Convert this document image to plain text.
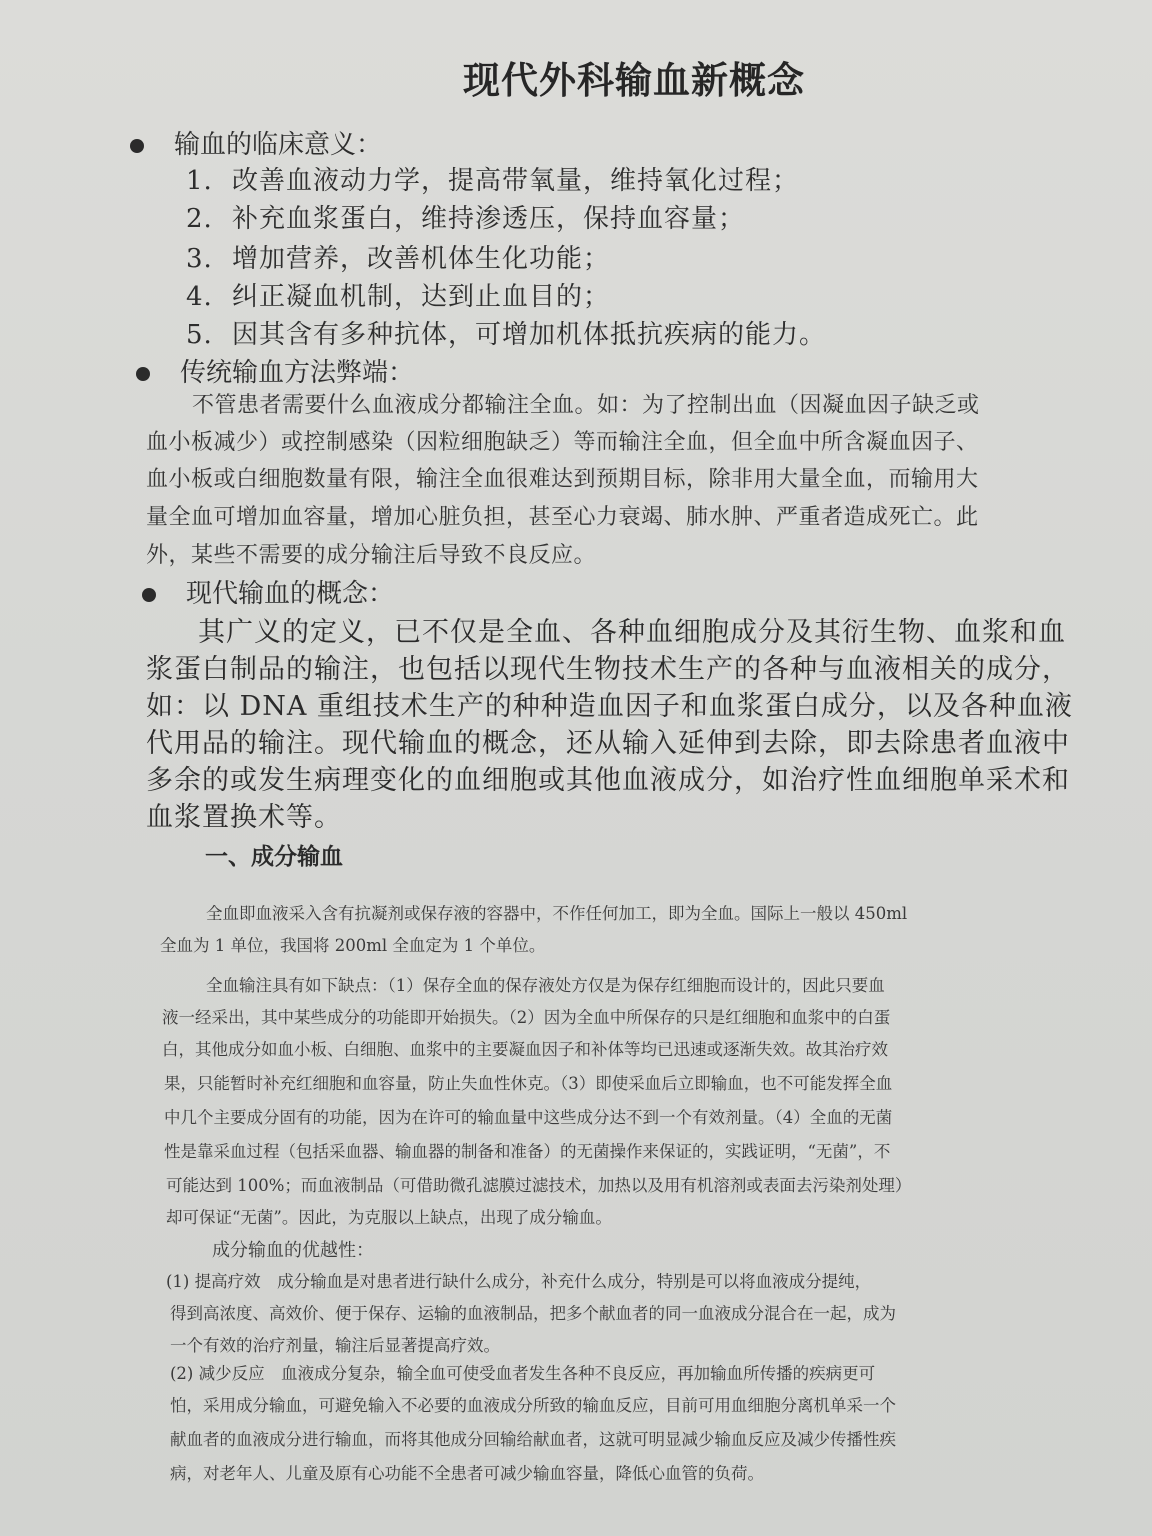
现代外科输血新概念
输血的临床意义：
1. 改善血液动力学，提高带氧量，维持氧化过程；
2. 补充血浆蛋白，维持渗透压，保持血容量；
3. 增加营养，改善机体生化功能；
4. 纠正凝血机制，达到止血目的；
5. 因其含有多种抗体，可增加机体抵抗疾病的能力。
传统输血方法弊端：
不管患者需要什么血液成分都输注全血。如：为了控制出血（因凝血因子缺乏或
血小板减少）或控制感染（因粒细胞缺乏）等而输注全血，但全血中所含凝血因子、
血小板或白细胞数量有限，输注全血很难达到预期目标，除非用大量全血，而输用大
量全血可增加血容量，增加心脏负担，甚至心力衰竭、肺水肿、严重者造成死亡。此
外，某些不需要的成分输注后导致不良反应。
现代输血的概念：
其广义的定义，已不仅是全血、各种血细胞成分及其衍生物、血浆和血
浆蛋白制品的输注，也包括以现代生物技术生产的各种与血液相关的成分，
如：以 DNA 重组技术生产的种种造血因子和血浆蛋白成分，以及各种血液
代用品的输注。现代输血的概念，还从输入延伸到去除，即去除患者血液中
多余的或发生病理变化的血细胞或其他血液成分，如治疗性血细胞单采术和
血浆置换术等。
一、成分输血
全血即血液采入含有抗凝剂或保存液的容器中，不作任何加工，即为全血。国际上一般以 450ml
全血为 1 单位，我国将 200ml 全血定为 1 个单位。
全血输注具有如下缺点：（1）保存全血的保存液处方仅是为保存红细胞而设计的，因此只要血
液一经采出，其中某些成分的功能即开始损失。（2）因为全血中所保存的只是红细胞和血浆中的白蛋
白，其他成分如血小板、白细胞、血浆中的主要凝血因子和补体等均已迅速或逐渐失效。故其治疗效
果，只能暂时补充红细胞和血容量，防止失血性休克。（3）即使采血后立即输血，也不可能发挥全血
中几个主要成分固有的功能，因为在许可的输血量中这些成分达不到一个有效剂量。（4）全血的无菌
性是靠采血过程（包括采血器、输血器的制备和准备）的无菌操作来保证的，实践证明，“无菌”，不
可能达到 100%；而血液制品（可借助微孔滤膜过滤技术，加热以及用有机溶剂或表面去污染剂处理）
却可保证“无菌”。因此，为克服以上缺点，出现了成分输血。
成分输血的优越性：
(1) 提高疗效　成分输血是对患者进行缺什么成分，补充什么成分，特别是可以将血液成分提纯，
得到高浓度、高效价、便于保存、运输的血液制品，把多个献血者的同一血液成分混合在一起，成为
一个有效的治疗剂量，输注后显著提高疗效。
(2) 减少反应　血液成分复杂，输全血可使受血者发生各种不良反应，再加输血所传播的疾病更可
怕，采用成分输血，可避免输入不必要的血液成分所致的输血反应，目前可用血细胞分离机单采一个
献血者的血液成分进行输血，而将其他成分回输给献血者，这就可明显减少输血反应及减少传播性疾
病，对老年人、儿童及原有心功能不全患者可减少输血容量，降低心血管的负荷。
